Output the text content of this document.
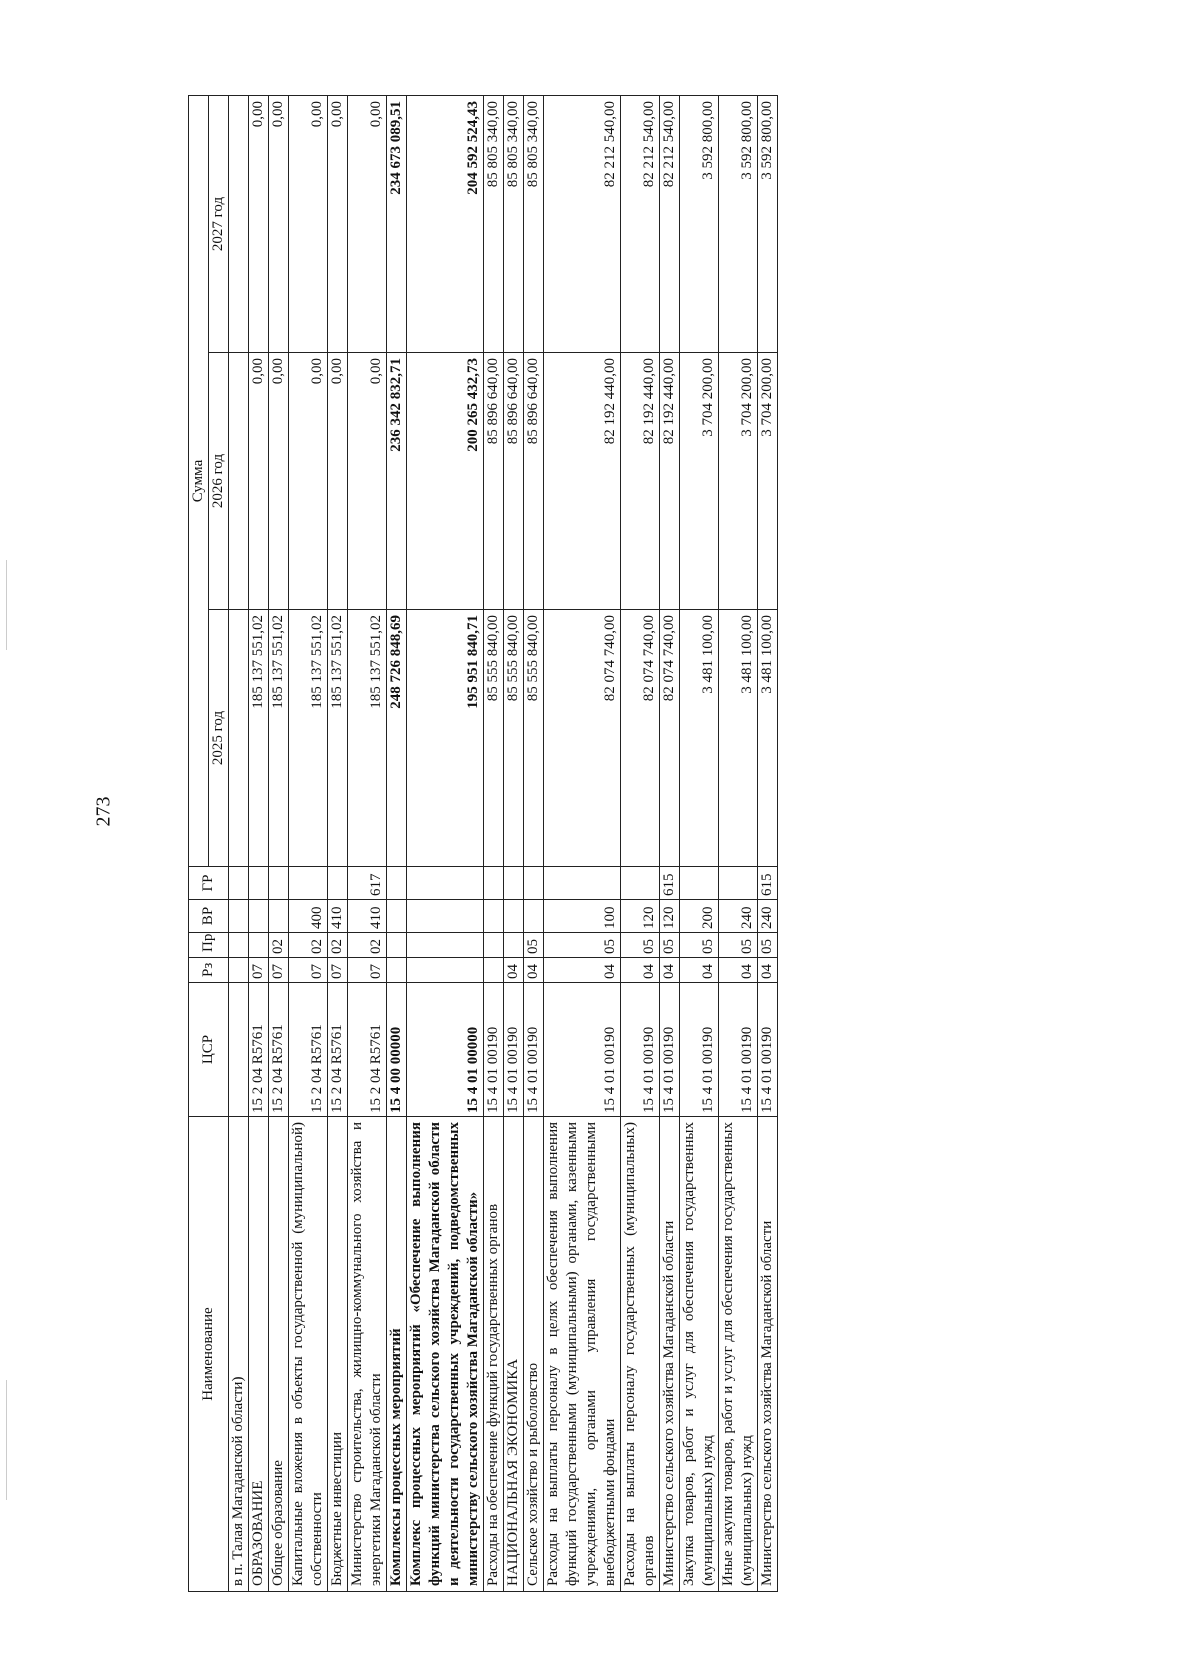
273
Наименование	ЦСР	Рз	Пр	ВР	ГР	Сумма		
						2025 год	2026 год	2027 год
в п. Талая Магаданской области)								
ОБРАЗОВАНИЕ	15 2 04 R5761	07				185 137 551,02	0,00	0,00
Общее образование	15 2 04 R5761	07	02			185 137 551,02	0,00	0,00
Капитальные вложения в объекты государственной (муниципальной) собственности	15 2 04 R5761	07	02	400		185 137 551,02	0,00	0,00
Бюджетные инвестиции	15 2 04 R5761	07	02	410		185 137 551,02	0,00	0,00
Министерство строительства, жилищно-коммунального хозяйства и энергетики Магаданской области	15 2 04 R5761	07	02	410	617	185 137 551,02	0,00	0,00
Комплексы процессных мероприятий	15 4 00 00000					248 726 848,69	236 342 832,71	234 673 089,51
Комплекс процессных мероприятий «Обеспечение выполнения функций министерства сельского хозяйства Магаданской области и деятельности государственных учреждений, подведомственных министерству сельского хозяйства Магаданской области»	15 4 01 00000					195 951 840,71	200 265 432,73	204 592 524,43
Расходы на обеспечение функций государственных органов	15 4 01 00190					85 555 840,00	85 896 640,00	85 805 340,00
НАЦИОНАЛЬНАЯ ЭКОНОМИКА	15 4 01 00190	04				85 555 840,00	85 896 640,00	85 805 340,00
Сельское хозяйство и рыболовство	15 4 01 00190	04	05			85 555 840,00	85 896 640,00	85 805 340,00
Расходы на выплаты персоналу в целях обеспечения выполнения функций государственными (муниципальными) органами, казенными учреждениями, органами управления государственными внебюджетными фондами	15 4 01 00190	04	05	100		82 074 740,00	82 192 440,00	82 212 540,00
Расходы на выплаты персоналу государственных (муниципальных) органов	15 4 01 00190	04	05	120		82 074 740,00	82 192 440,00	82 212 540,00
Министерство сельского хозяйства Магаданской области	15 4 01 00190	04	05	120	615	82 074 740,00	82 192 440,00	82 212 540,00
Закупка товаров, работ и услуг для обеспечения государственных (муниципальных) нужд	15 4 01 00190	04	05	200		3 481 100,00	3 704 200,00	3 592 800,00
Иные закупки товаров, работ и услуг для обеспечения государственных (муниципальных) нужд	15 4 01 00190	04	05	240		3 481 100,00	3 704 200,00	3 592 800,00
Министерство сельского хозяйства Магаданской области	15 4 01 00190	04	05	240	615	3 481 100,00	3 704 200,00	3 592 800,00
